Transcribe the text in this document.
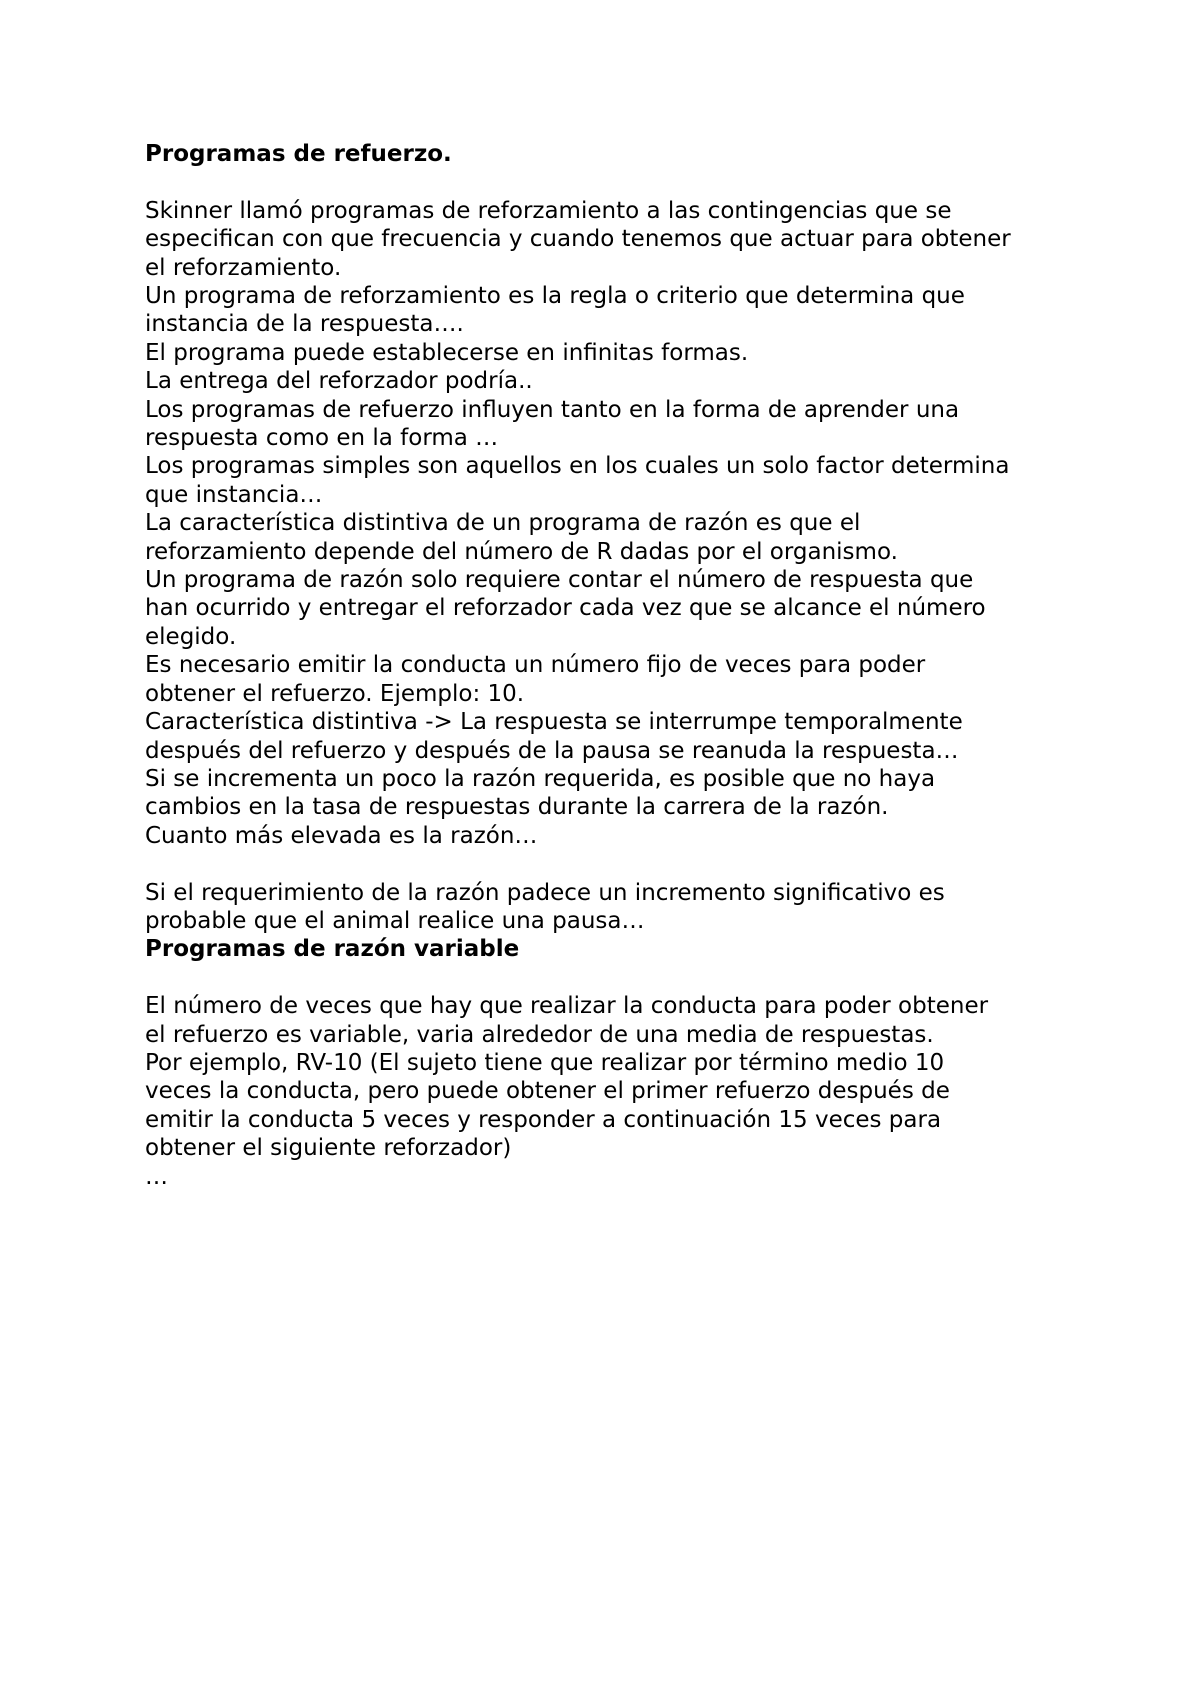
Programas de refuerzo.
Skinner llamó programas de reforzamiento a las contingencias que se
especifican con que frecuencia y cuando tenemos que actuar para obtener
el reforzamiento.
Un programa de reforzamiento es la regla o criterio que determina que
instancia de la respuesta….
El programa puede establecerse en infinitas formas.
La entrega del reforzador podría..
Los programas de refuerzo influyen tanto en la forma de aprender una
respuesta como en la forma …
Los programas simples son aquellos en los cuales un solo factor determina
que instancia…
La característica distintiva de un programa de razón es que el
reforzamiento depende del número de R dadas por el organismo.
Un programa de razón solo requiere contar el número de respuesta que
han ocurrido y entregar el reforzador cada vez que se alcance el número
elegido.
Es necesario emitir la conducta un número fijo de veces para poder
obtener el refuerzo. Ejemplo: 10.
Característica distintiva -> La respuesta se interrumpe temporalmente
después del refuerzo y después de la pausa se reanuda la respuesta…
Si se incrementa un poco la razón requerida, es posible que no haya
cambios en la tasa de respuestas durante la carrera de la razón.
Cuanto más elevada es la razón…
Si el requerimiento de la razón padece un incremento significativo es
probable que el animal realice una pausa…
Programas de razón variable
El número de veces que hay que realizar la conducta para poder obtener
el refuerzo es variable, varia alrededor de una media de respuestas.
Por ejemplo, RV-10 (El sujeto tiene que realizar por término medio 10
veces la conducta, pero puede obtener el primer refuerzo después de
emitir la conducta 5 veces y responder a continuación 15 veces para
obtener el siguiente reforzador)
…
